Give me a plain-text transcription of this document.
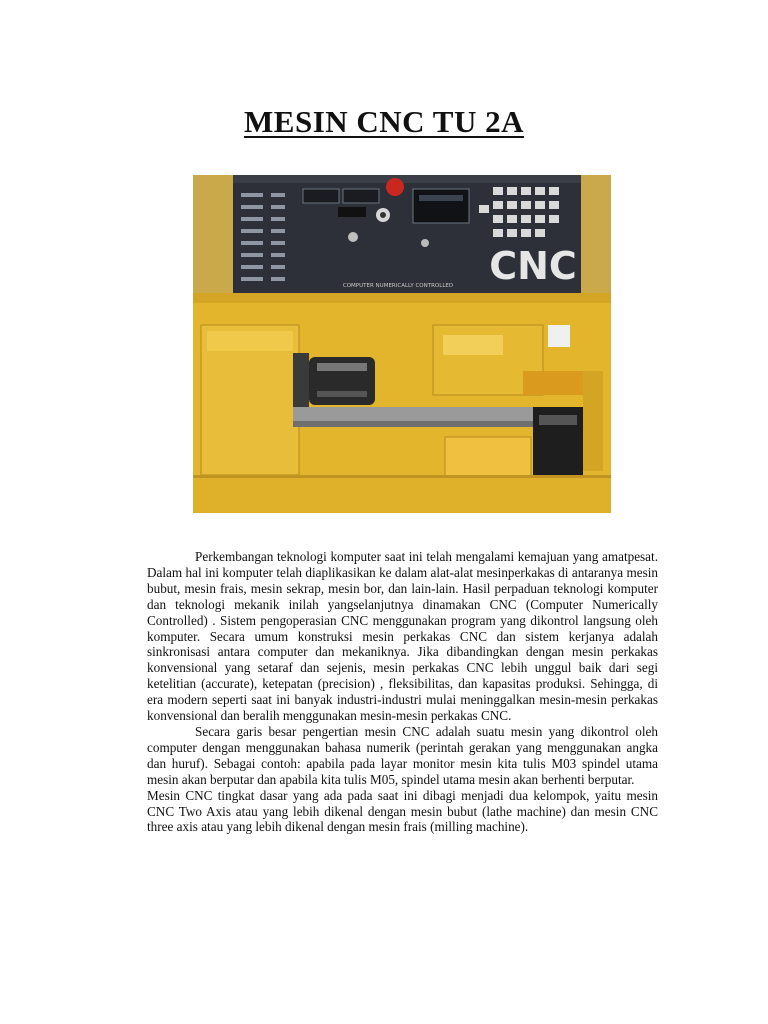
MESIN CNC TU 2A
CNC
COMPUTER NUMERICALLY CONTROLLED

Perkembangan teknologi komputer saat ini telah mengalami kemajuan yang amatpesat. Dalam hal ini komputer telah diaplikasikan ke dalam alat-alat mesinperkakas di antaranya mesin bubut, mesin frais, mesin sekrap, mesin bor, dan lain-lain. Hasil perpaduan teknologi komputer dan teknologi mekanik inilah yangselanjutnya dinamakan CNC (Computer Numerically Controlled) . Sistem pengoperasian CNC menggunakan program yang dikontrol langsung oleh komputer. Secara umum konstruksi mesin perkakas CNC dan sistem kerjanya adalah sinkronisasi antara computer dan mekaniknya. Jika dibandingkan dengan mesin perkakas konvensional yang setaraf dan sejenis, mesin perkakas CNC lebih unggul baik dari segi ketelitian (accurate), ketepatan (precision) , fleksibilitas, dan kapasitas produksi. Sehingga, di era modern seperti saat ini banyak industri-industri mulai meninggalkan mesin-mesin perkakas konvensional dan beralih menggunakan mesin-mesin perkakas CNC.

Secara garis besar pengertian mesin CNC adalah suatu mesin yang dikontrol oleh computer dengan menggunakan bahasa numerik (perintah gerakan yang menggunakan angka dan huruf). Sebagai contoh: apabila pada layar monitor mesin kita tulis M03 spindel utama mesin akan berputar dan apabila kita tulis M05, spindel utama mesin akan berhenti berputar.

Mesin CNC tingkat dasar yang ada pada saat ini dibagi menjadi dua kelompok, yaitu mesin CNC Two Axis atau yang lebih dikenal dengan mesin bubut (lathe machine) dan mesin CNC three axis atau yang lebih dikenal dengan mesin frais (milling machine).
